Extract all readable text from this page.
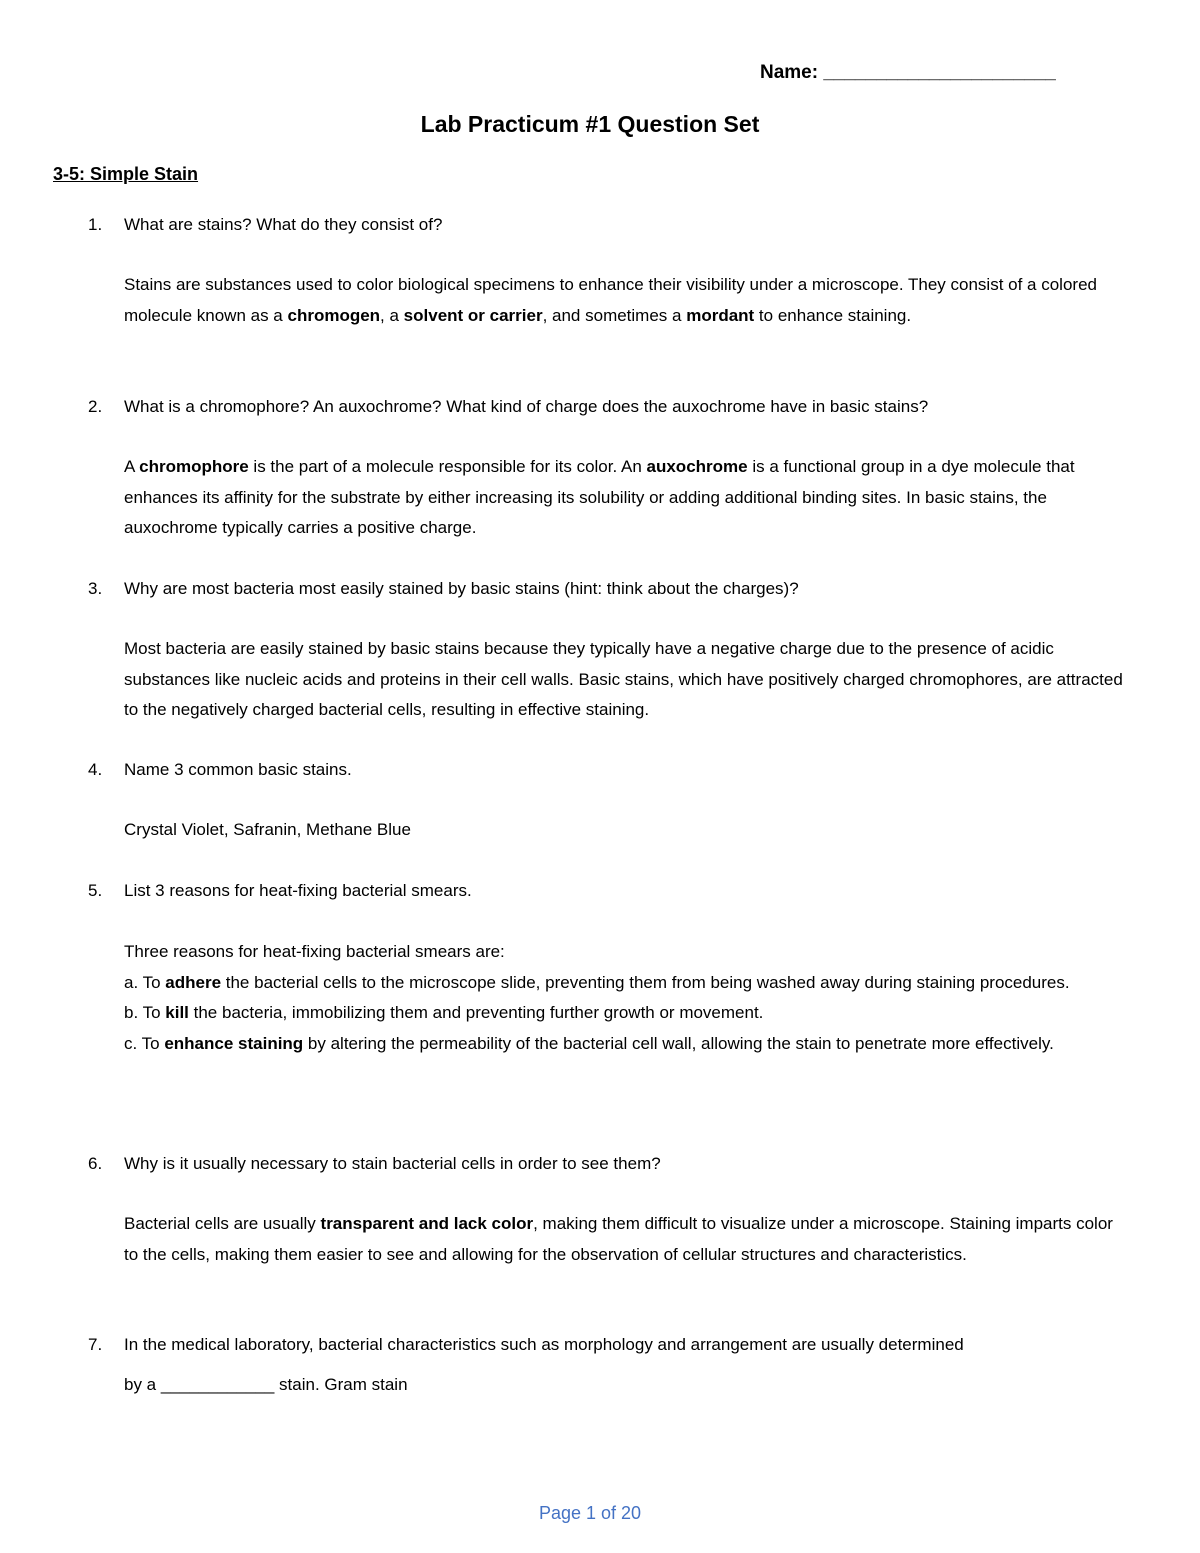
Name: ______________________
Lab Practicum #1 Question Set
3-5: Simple Stain
1. What are stains? What do they consist of?
Stains are substances used to color biological specimens to enhance their visibility under a microscope. They consist of a colored molecule known as a chromogen, a solvent or carrier, and sometimes a mordant to enhance staining.
2. What is a chromophore? An auxochrome? What kind of charge does the auxochrome have in basic stains?
A chromophore is the part of a molecule responsible for its color. An auxochrome is a functional group in a dye molecule that enhances its affinity for the substrate by either increasing its solubility or adding additional binding sites. In basic stains, the auxochrome typically carries a positive charge.
3. Why are most bacteria most easily stained by basic stains (hint: think about the charges)?
Most bacteria are easily stained by basic stains because they typically have a negative charge due to the presence of acidic substances like nucleic acids and proteins in their cell walls. Basic stains, which have positively charged chromophores, are attracted to the negatively charged bacterial cells, resulting in effective staining.
4. Name 3 common basic stains.
Crystal Violet, Safranin, Methane Blue
5. List 3 reasons for heat-fixing bacterial smears.
Three reasons for heat-fixing bacterial smears are:
a. To adhere the bacterial cells to the microscope slide, preventing them from being washed away during staining procedures.
b. To kill the bacteria, immobilizing them and preventing further growth or movement.
c. To enhance staining by altering the permeability of the bacterial cell wall, allowing the stain to penetrate more effectively.
6. Why is it usually necessary to stain bacterial cells in order to see them?
Bacterial cells are usually transparent and lack color, making them difficult to visualize under a microscope. Staining imparts color to the cells, making them easier to see and allowing for the observation of cellular structures and characteristics.
7. In the medical laboratory, bacterial characteristics such as morphology and arrangement are usually determined
by a ____________ stain. Gram stain
Page 1 of 20
